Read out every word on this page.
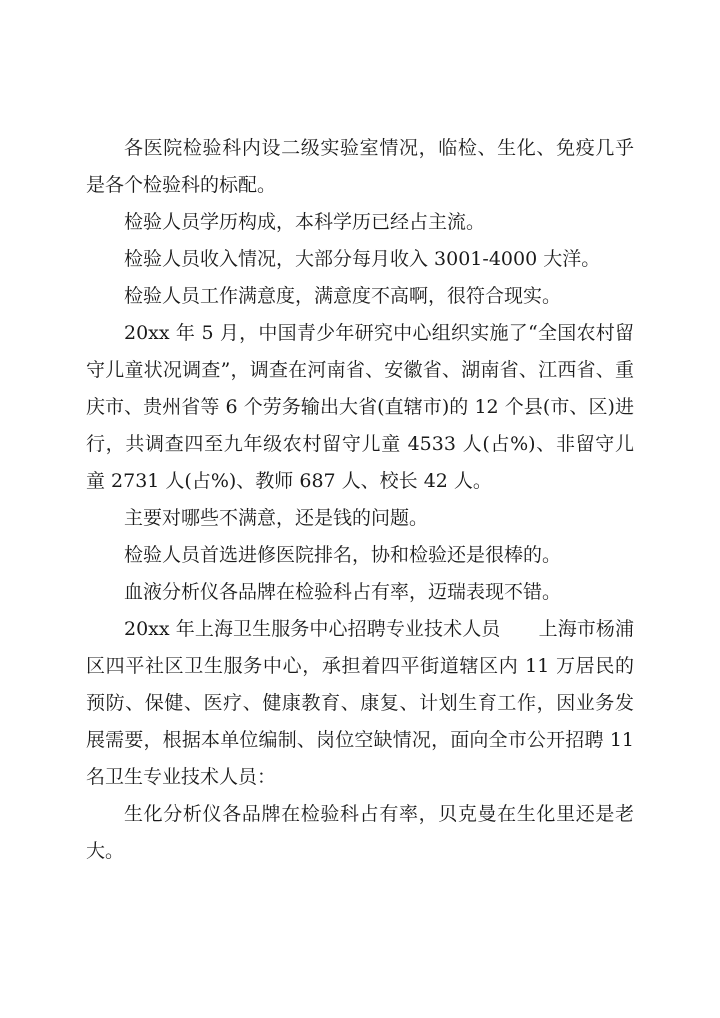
各医院检验科内设二级实验室情况，临检、生化、免疫几乎是各个检验科的标配。

检验人员学历构成，本科学历已经占主流。

检验人员收入情况，大部分每月收入 3001-4000 大洋。

检验人员工作满意度，满意度不高啊，很符合现实。

20xx 年 5 月，中国青少年研究中心组织实施了“全国农村留守儿童状况调查”，调查在河南省、安徽省、湖南省、江西省、重庆市、贵州省等 6 个劳务输出大省(直辖市)的 12 个县(市、区)进行，共调查四至九年级农村留守儿童 4533 人(占%)、非留守儿童 2731 人(占%)、教师 687 人、校长 42 人。

主要对哪些不满意，还是钱的问题。

检验人员首选进修医院排名，协和检验还是很棒的。

血液分析仪各品牌在检验科占有率，迈瑞表现不错。

20xx 年上海卫生服务中心招聘专业技术人员　　上海市杨浦区四平社区卫生服务中心，承担着四平街道辖区内 11 万居民的预防、保健、医疗、健康教育、康复、计划生育工作，因业务发展需要，根据本单位编制、岗位空缺情况，面向全市公开招聘 11 名卫生专业技术人员：

生化分析仪各品牌在检验科占有率，贝克曼在生化里还是老大。
